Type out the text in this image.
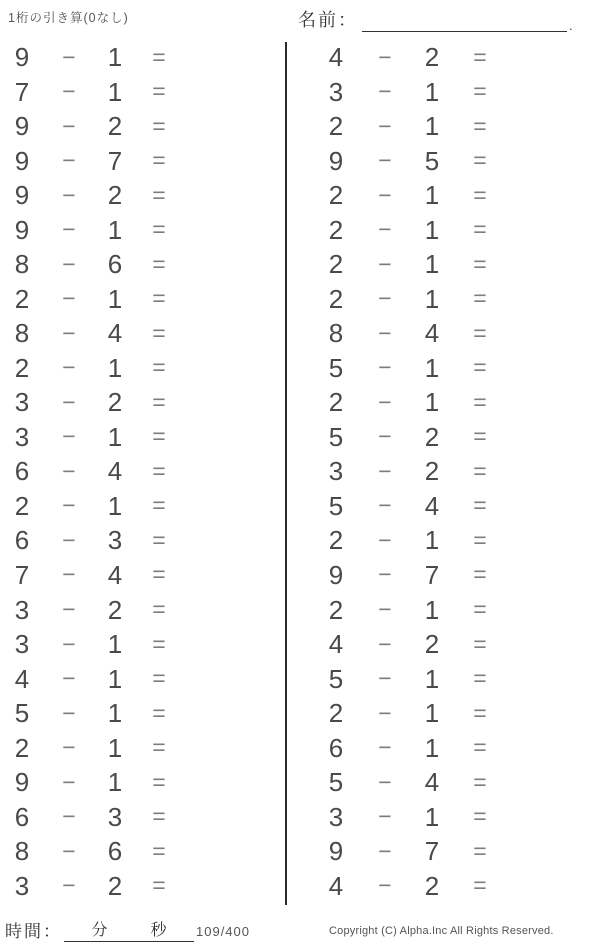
1桁の引き算(0なし)	名前：	.
9	−	1	=
7	−	1	=
9	−	2	=
9	−	7	=
9	−	2	=
9	−	1	=
8	−	6	=
2	−	1	=
8	−	4	=
2	−	1	=
3	−	2	=
3	−	1	=
6	−	4	=
2	−	1	=
6	−	3	=
7	−	4	=
3	−	2	=
3	−	1	=
4	−	1	=
5	−	1	=
2	−	1	=
9	−	1	=
6	−	3	=
8	−	6	=
3	−	2	=
4	−	2	=
3	−	1	=
2	−	1	=
9	−	5	=
2	−	1	=
2	−	1	=
2	−	1	=
2	−	1	=
8	−	4	=
5	−	1	=
2	−	1	=
5	−	2	=
3	−	2	=
5	−	4	=
2	−	1	=
9	−	7	=
2	−	1	=
4	−	2	=
5	−	1	=
2	−	1	=
6	−	1	=
5	−	4	=
3	−	1	=
9	−	7	=
4	−	2	=
時間： 分	秒 109/400	Copyright (C) Alpha.Inc All Rights Reserved.
